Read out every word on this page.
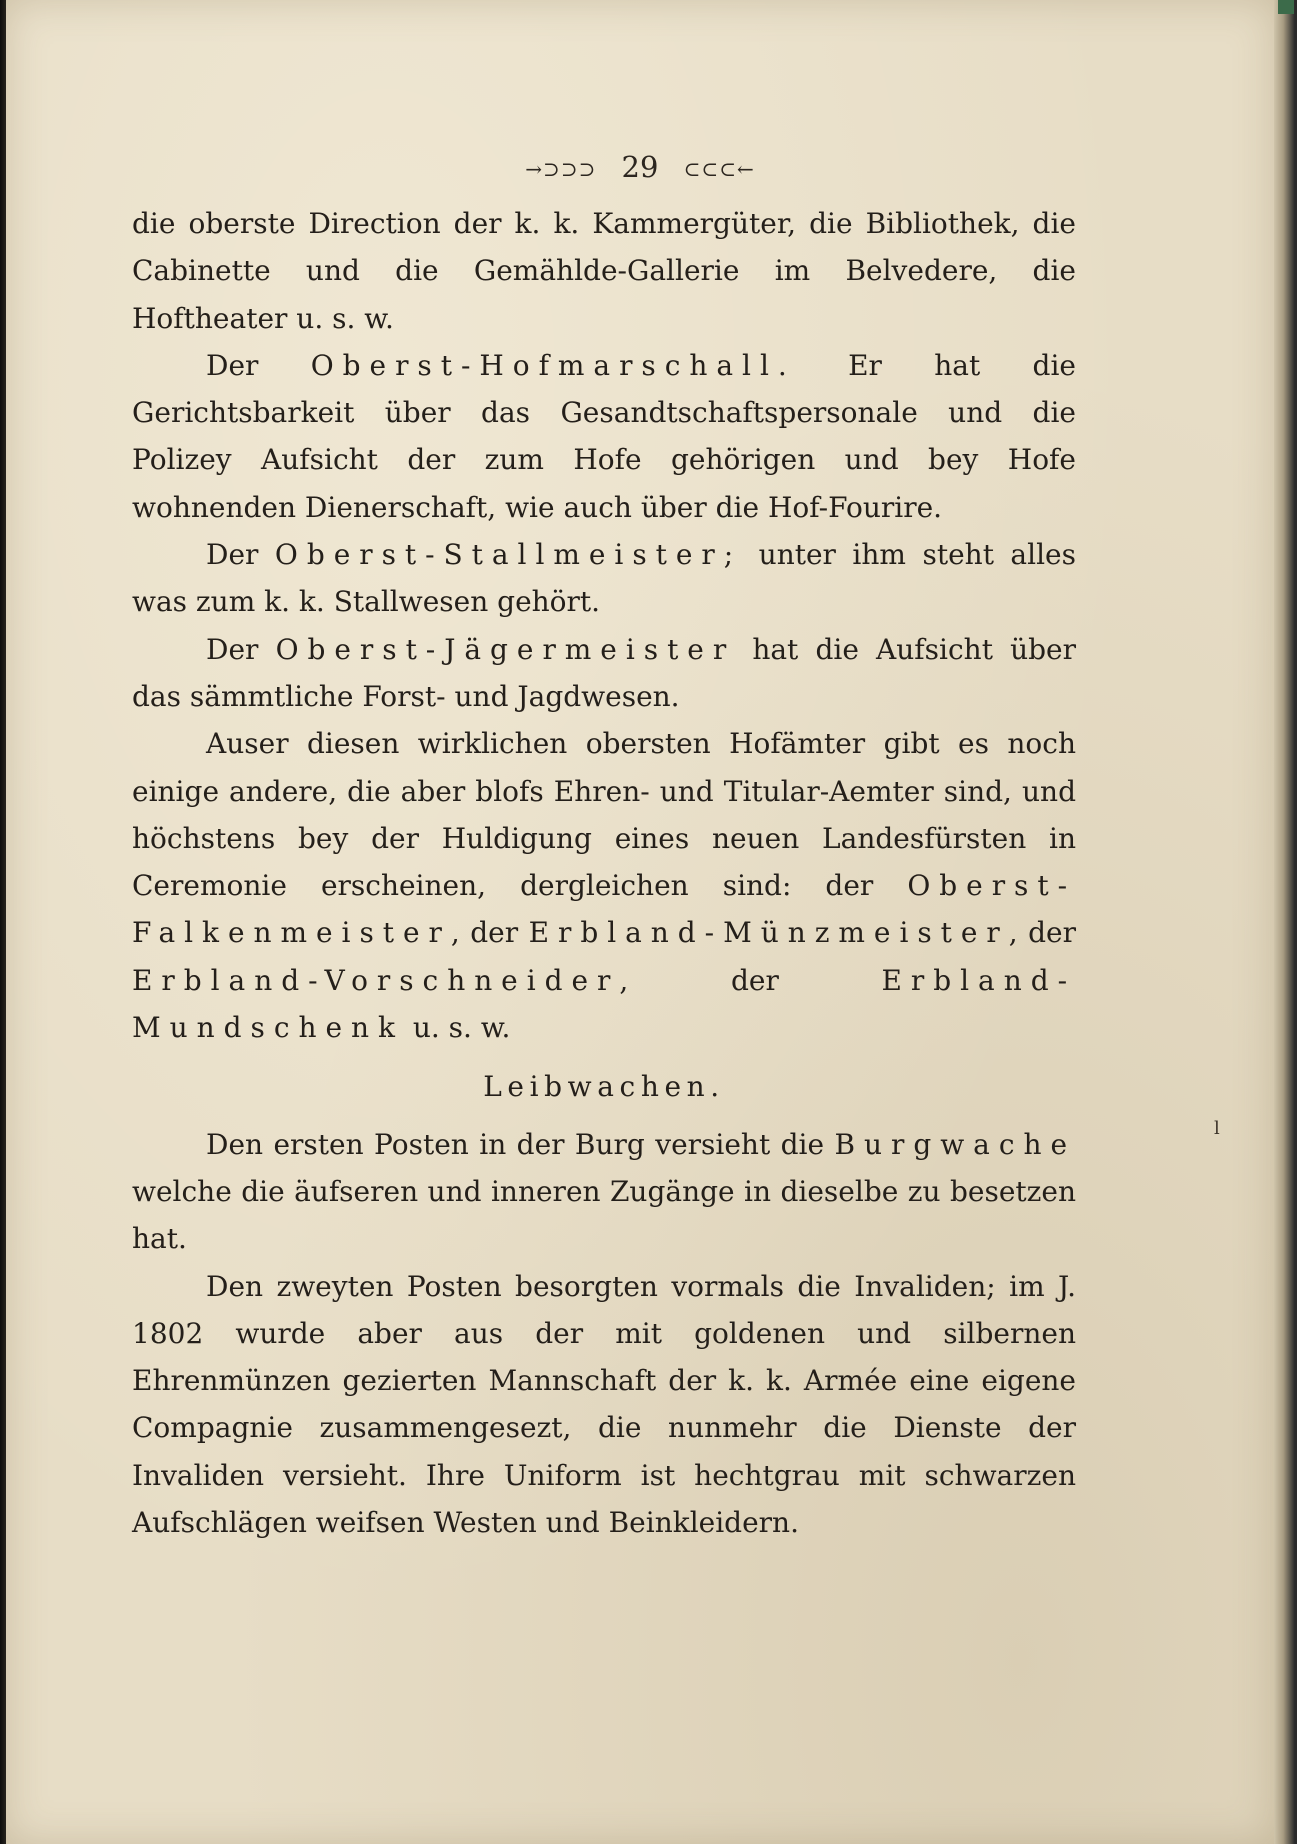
→⊃⊃⊃ 29 ⊂⊂⊂←

die oberste Direction der k. k. Kammergüter, die Bibliothek, die Cabinette und die Gemählde-Gallerie im Belvedere, die Hoftheater u. s. w.

Der Oberst-Hofmarschall. Er hat die Gerichtsbarkeit über das Gesandtschaftspersonale und die Polizey Aufsicht der zum Hofe gehörigen und bey Hofe wohnenden Dienerschaft, wie auch über die Hof-Fourire.

Der Oberst-Stallmeister; unter ihm steht alles was zum k. k. Stallwesen gehört.

Der Oberst-Jägermeister hat die Aufsicht über das sämmtliche Forst- und Jagdwesen.

Auser diesen wirklichen obersten Hofämter gibt es noch einige andere, die aber blofs Ehren- und Titular-Aemter sind, und höchstens bey der Huldigung eines neuen Landesfürsten in Ceremonie erscheinen, dergleichen sind: der Oberst-Falkenmeister, der Erbland-Münzmeister, der Erbland-Vorschneider, der	Erbland-Mundschenk u. s. w.

Leibwachen.

Den ersten Posten in der Burg versieht die Burgwache welche die äufseren und inneren Zugänge in dieselbe zu besetzen hat.

Den zweyten Posten besorgten vormals die Invaliden; im J. 1802 wurde aber aus der mit goldenen und silbernen Ehrenmünzen gezierten Mannschaft der k. k. Armée eine eigene Compagnie zusammengesezt, die nunmehr die Dienste der Invaliden versieht. Ihre Uniform ist hechtgrau mit schwarzen Aufschlägen weifsen Westen und Beinkleidern.

l
